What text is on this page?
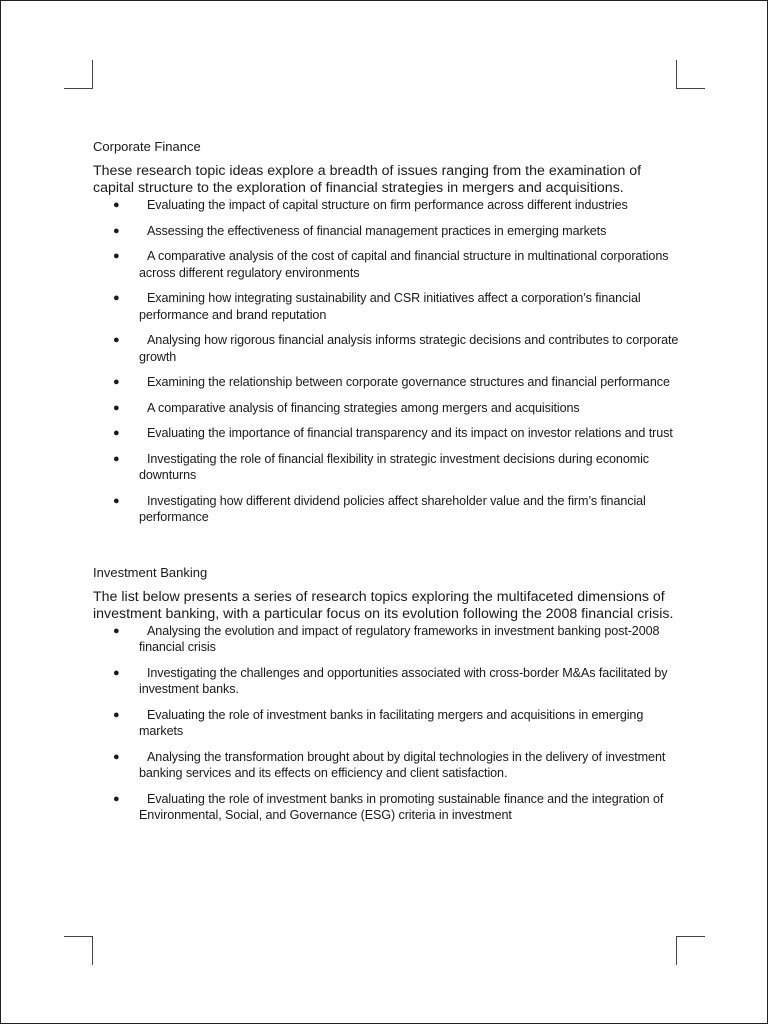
Corporate Finance

These research topic ideas explore a breadth of issues ranging from the examination of capital structure to the exploration of financial strategies in mergers and acquisitions.

●	Evaluating the impact of capital structure on firm performance across different industries
●	Assessing the effectiveness of financial management practices in emerging markets
●	A comparative analysis of the cost of capital and financial structure in multinational corporations across different regulatory environments
●	Examining how integrating sustainability and CSR initiatives affect a corporation’s financial performance and brand reputation
●	Analysing how rigorous financial analysis informs strategic decisions and contributes to corporate growth
●	Examining the relationship between corporate governance structures and financial performance
●	A comparative analysis of financing strategies among mergers and acquisitions
●	Evaluating the importance of financial transparency and its impact on investor relations and trust
●	Investigating the role of financial flexibility in strategic investment decisions during economic downturns
●	Investigating how different dividend policies affect shareholder value and the firm’s financial performance
Investment Banking

The list below presents a series of research topics exploring the multifaceted dimensions of investment banking, with a particular focus on its evolution following the 2008 financial crisis.

●	Analysing the evolution and impact of regulatory frameworks in investment banking post-2008 financial crisis
●	Investigating the challenges and opportunities associated with cross-border M&As facilitated by investment banks.
●	Evaluating the role of investment banks in facilitating mergers and acquisitions in emerging markets
●	Analysing the transformation brought about by digital technologies in the delivery of investment banking services and its effects on efficiency and client satisfaction.
●	Evaluating the role of investment banks in promoting sustainable finance and the integration of Environmental, Social, and Governance (ESG) criteria in investment
